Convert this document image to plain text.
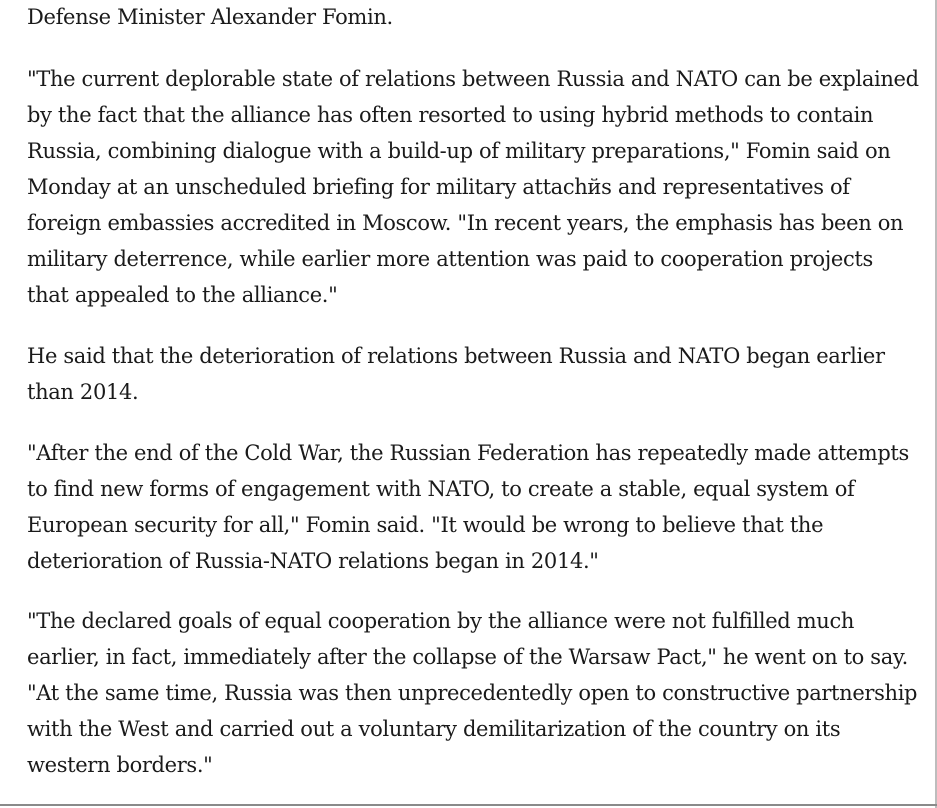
Defense Minister Alexander Fomin.

"The current deplorable state of relations between Russia and NATO can be explained by the fact that the alliance has often resorted to using hybrid methods to contain Russia, combining dialogue with a build-up of military preparations," Fomin said on Monday at an unscheduled briefing for military attachйs and representatives of foreign embassies accredited in Moscow. "In recent years, the emphasis has been on military deterrence, while earlier more attention was paid to cooperation projects that appealed to the alliance."

He said that the deterioration of relations between Russia and NATO began earlier than 2014.

"After the end of the Cold War, the Russian Federation has repeatedly made attempts to find new forms of engagement with NATO, to create a stable, equal system of European security for all," Fomin said. "It would be wrong to believe that the deterioration of Russia-NATO relations began in 2014."

"The declared goals of equal cooperation by the alliance were not fulfilled much earlier, in fact, immediately after the collapse of the Warsaw Pact," he went on to say. "At the same time, Russia was then unprecedentedly open to constructive partnership with the West and carried out a voluntary demilitarization of the country on its western borders."
